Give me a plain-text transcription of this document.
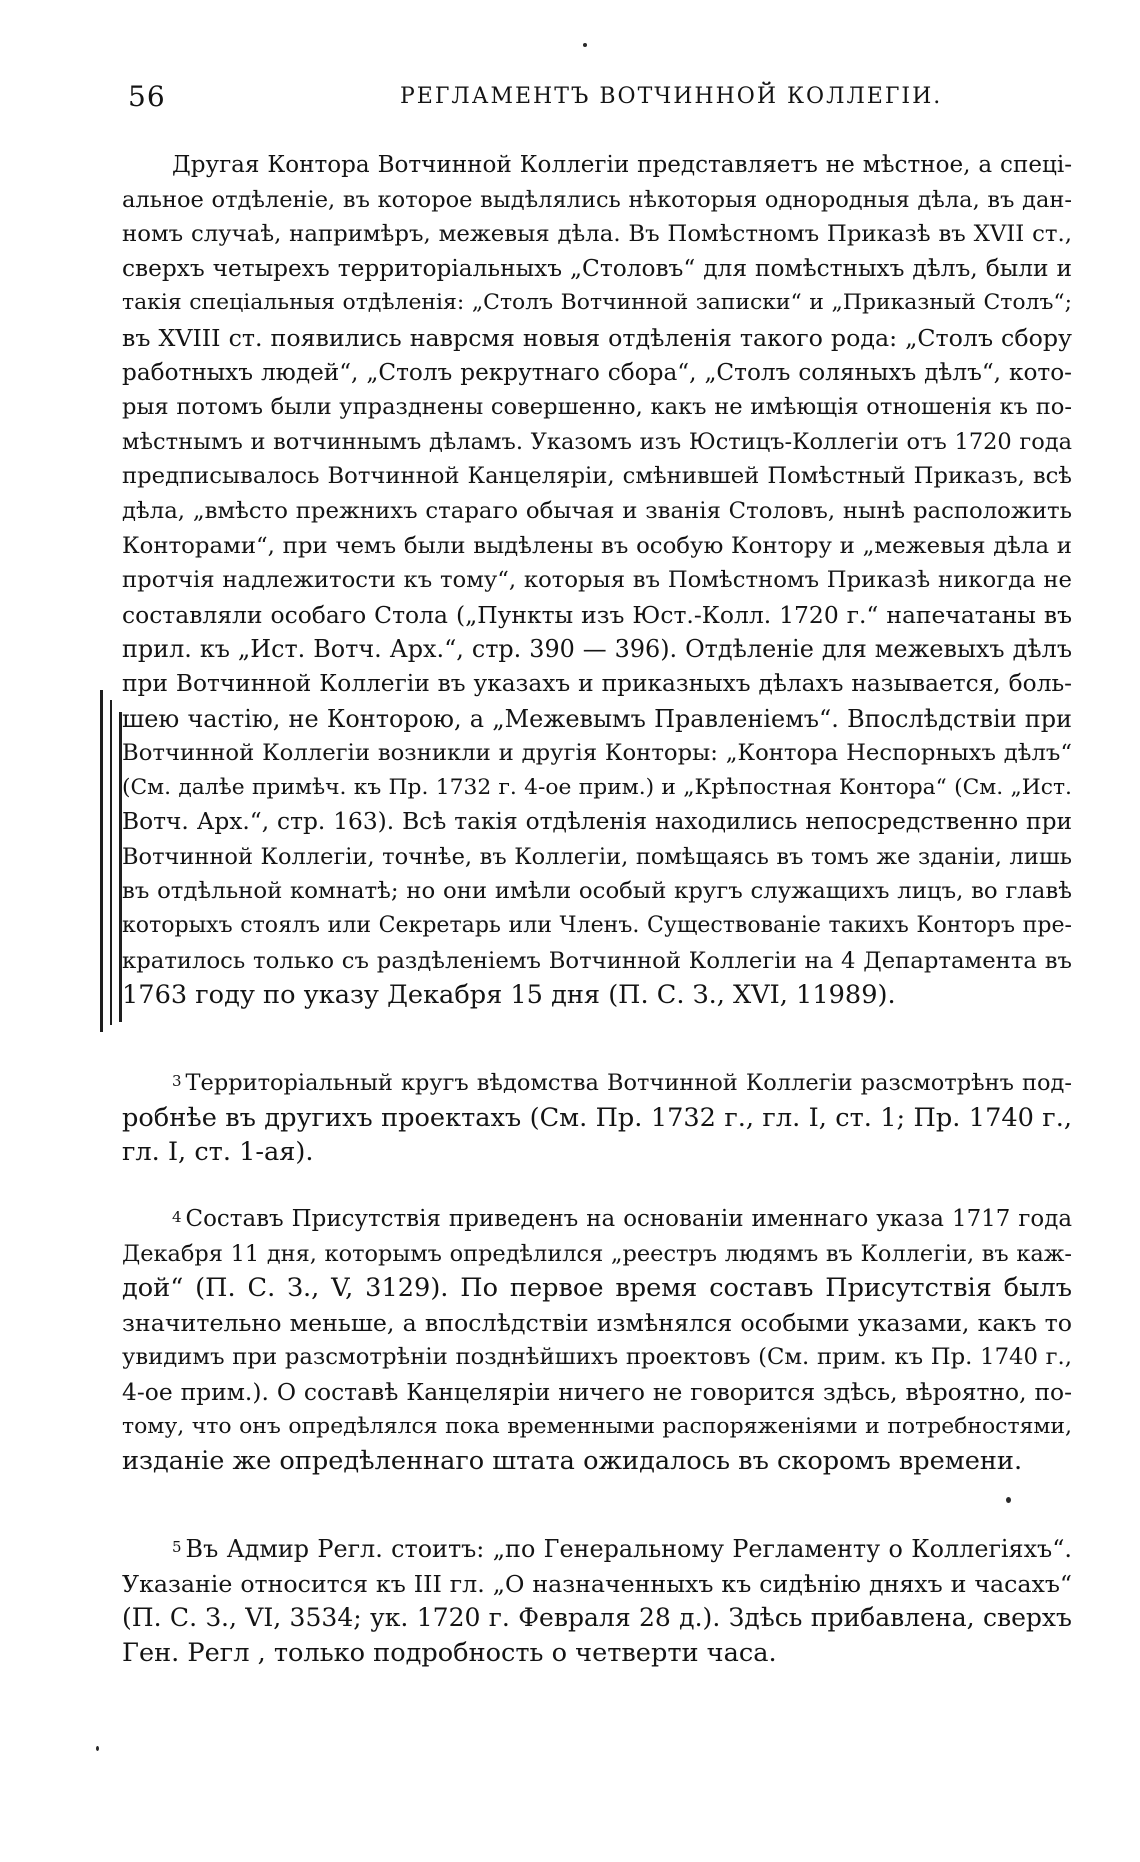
56	РЕГЛАМЕНТЪ ВОТЧИННОЙ КОЛЛЕГІИ.
Другая Контора Вотчинной Коллегіи представляетъ не мѣстное, а спеці-
альное отдѣленіе, въ которое выдѣлялись нѣкоторыя однородныя дѣла, въ дан-
номъ случаѣ, напримѣръ, межевыя дѣла. Въ Помѣстномъ Приказѣ въ XVII ст.,
сверхъ четырехъ территоріальныхъ „Столовъ“ для помѣстныхъ дѣлъ, были и
такія спеціальныя отдѣленія: „Столъ Вотчинной записки“ и „Приказный Столъ“;
въ XVIII ст. появились наврсмя новыя отдѣленія такого рода: „Столъ сбору
работныхъ людей“, „Столъ рекрутнаго сбора“, „Столъ соляныхъ дѣлъ“, кото-
рыя потомъ были упразднены совершенно, какъ не имѣющія отношенія къ по-
мѣстнымъ и вотчиннымъ дѣламъ. Указомъ изъ Юстицъ-Коллегіи отъ 1720 года
предписывалось Вотчинной Канцеляріи, смѣнившей Помѣстный Приказъ, всѣ
дѣла, „вмѣсто прежнихъ стараго обычая и званія Столовъ, нынѣ расположить
Конторами“, при чемъ были выдѣлены въ особую Контору и „межевыя дѣла и
протчія надлежитости къ тому“, которыя въ Помѣстномъ Приказѣ никогда не
составляли особаго Стола („Пункты изъ Юст.-Колл. 1720 г.“ напечатаны въ
прил. къ „Ист. Вотч. Арх.“, стр. 390 — 396). Отдѣленіе для межевыхъ дѣлъ
при Вотчинной Коллегіи въ указахъ и приказныхъ дѣлахъ называется, боль-
шею частію, не Конторою, а „Межевымъ Правленіемъ“. Впослѣдствіи при
Вотчинной Коллегіи возникли и другія Конторы: „Контора Неспорныхъ дѣлъ“
(См. далѣе примѣч. къ Пр. 1732 г. 4-ое прим.) и „Крѣпостная Контора“ (См. „Ист.
Вотч. Арх.“, стр. 163). Всѣ такія отдѣленія находились непосредственно при
Вотчинной Коллегіи, точнѣе, въ Коллегіи, помѣщаясь въ томъ же зданіи, лишь
въ отдѣльной комнатѣ; но они имѣли особый кругъ служащихъ лицъ, во главѣ
которыхъ стоялъ или Секретарь или Членъ. Существованіе такихъ Конторъ пре-
кратилось только съ раздѣленіемъ Вотчинной Коллегіи на 4 Департамента въ
1763 году по указу Декабря 15 дня (П. С. З., XVI, 11989).
$^3$ Территоріальный кругъ вѣдомства Вотчинной Коллегіи разсмотрѣнъ под-
робнѣе въ другихъ проектахъ (См. Пр. 1732 г., гл. I, ст. 1; Пр. 1740 г.,
гл. I, ст. 1-ая).
$^4$ Составъ Присутствія приведенъ на основаніи именнаго указа 1717 года
Декабря 11 дня, которымъ опредѣлился „реестръ людямъ въ Коллегіи, въ каж-
дой“ (П. С. З., V, 3129). По первое время составъ Присутствія былъ
значительно меньше, а впослѣдствіи измѣнялся особыми указами, какъ то
увидимъ при разсмотрѣніи позднѣйшихъ проектовъ (См. прим. къ Пр. 1740 г.,
4-ое прим.). О составѣ Канцеляріи ничего не говорится здѣсь, вѣроятно, по-
тому, что онъ опредѣлялся пока временными распоряженіями и потребностями,
изданіе же опредѣленнаго штата ожидалось въ скоромъ времени.
$^5$ Въ Адмир Регл. стоитъ: „по Генеральному Регламенту о Коллегіяхъ“.
Указаніе относится къ III гл. „О назначенныхъ къ сидѣнію дняхъ и часахъ“
(П. С. З., VI, 3534; ук. 1720 г. Февраля 28 д.). Здѣсь прибавлена, сверхъ
Ген. Регл , только подробность о четверти часа.
